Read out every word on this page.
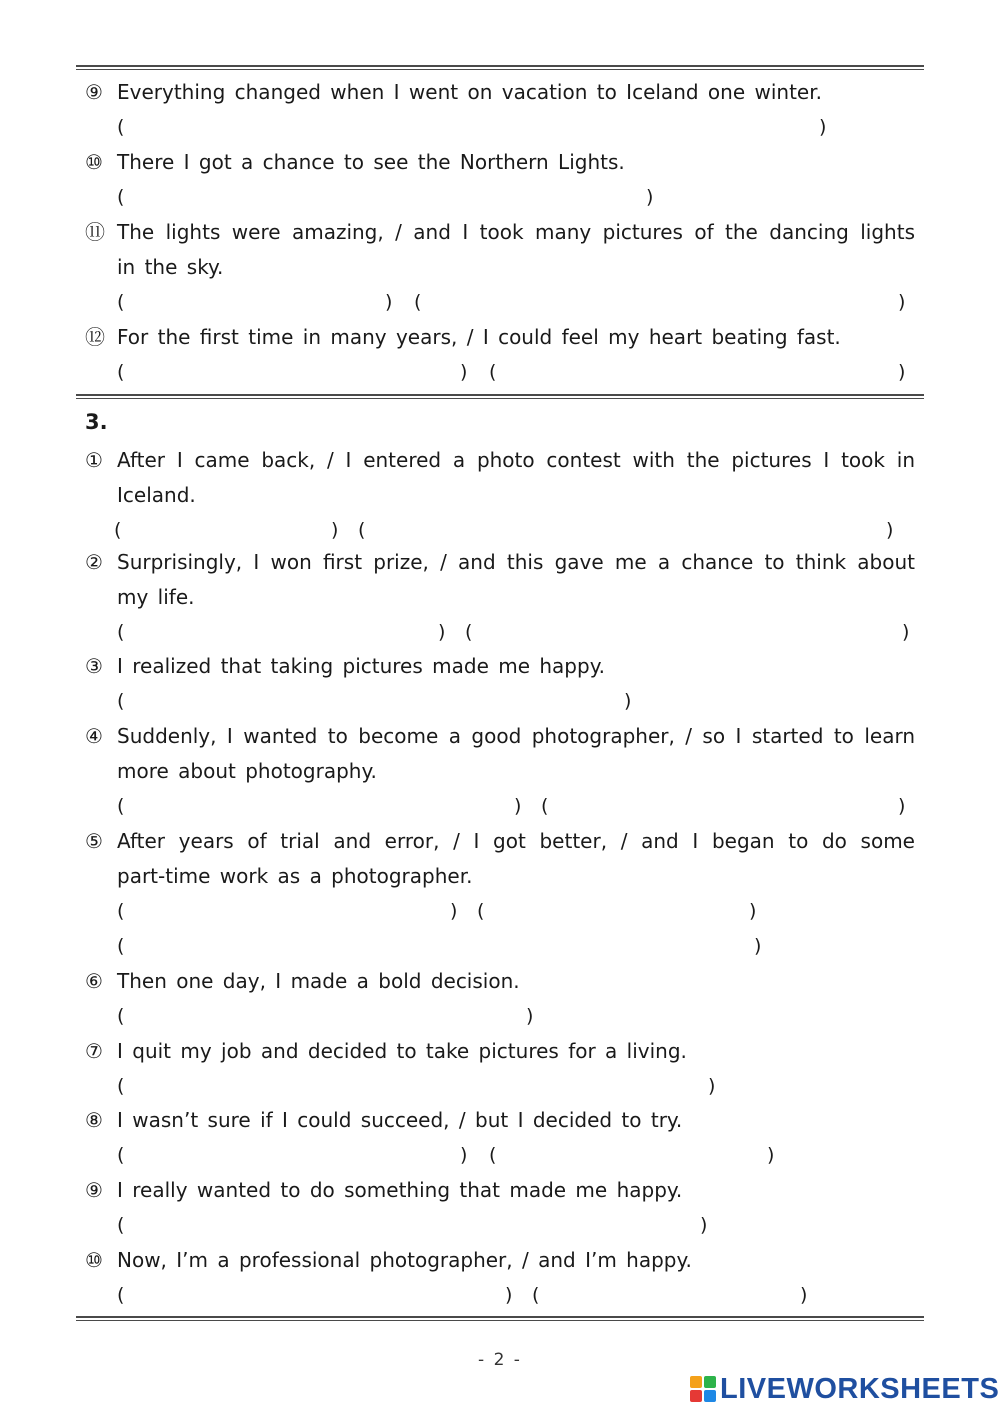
⑨ Everything changed when I went on vacation to Iceland one winter.
(	)
⑩ There I got a chance to see the Northern Lights.
(	)
⑪ The lights were amazing, / and I took many pictures of the dancing lights
in the sky.
(	) (	)
⑫ For the first time in many years, / I could feel my heart beating fast.
(	) (	)
3.
① After I came back, / I entered a photo contest with the pictures I took in
Iceland.
(	) (	)
② Surprisingly, I won first prize, / and this gave me a chance to think about
my life.
(	) (	)
③ I realized that taking pictures made me happy.
(	)
④ Suddenly, I wanted to become a good photographer, / so I started to learn
more about photography.
(	) (	)
⑤ After years of trial and error, / I got better, / and I began to do some
part-time work as a photographer.
(	) (	)
(	)
⑥ Then one day, I made a bold decision.
(	)
⑦ I quit my job and decided to take pictures for a living.
(	)
⑧ I wasn’t sure if I could succeed, / but I decided to try.
(	) (	)
⑨ I really wanted to do something that made me happy.
(	)
⑩ Now, I’m a professional photographer, / and I’m happy.
(	) (	)
- 2 -
LIVEWORKSHEETS
